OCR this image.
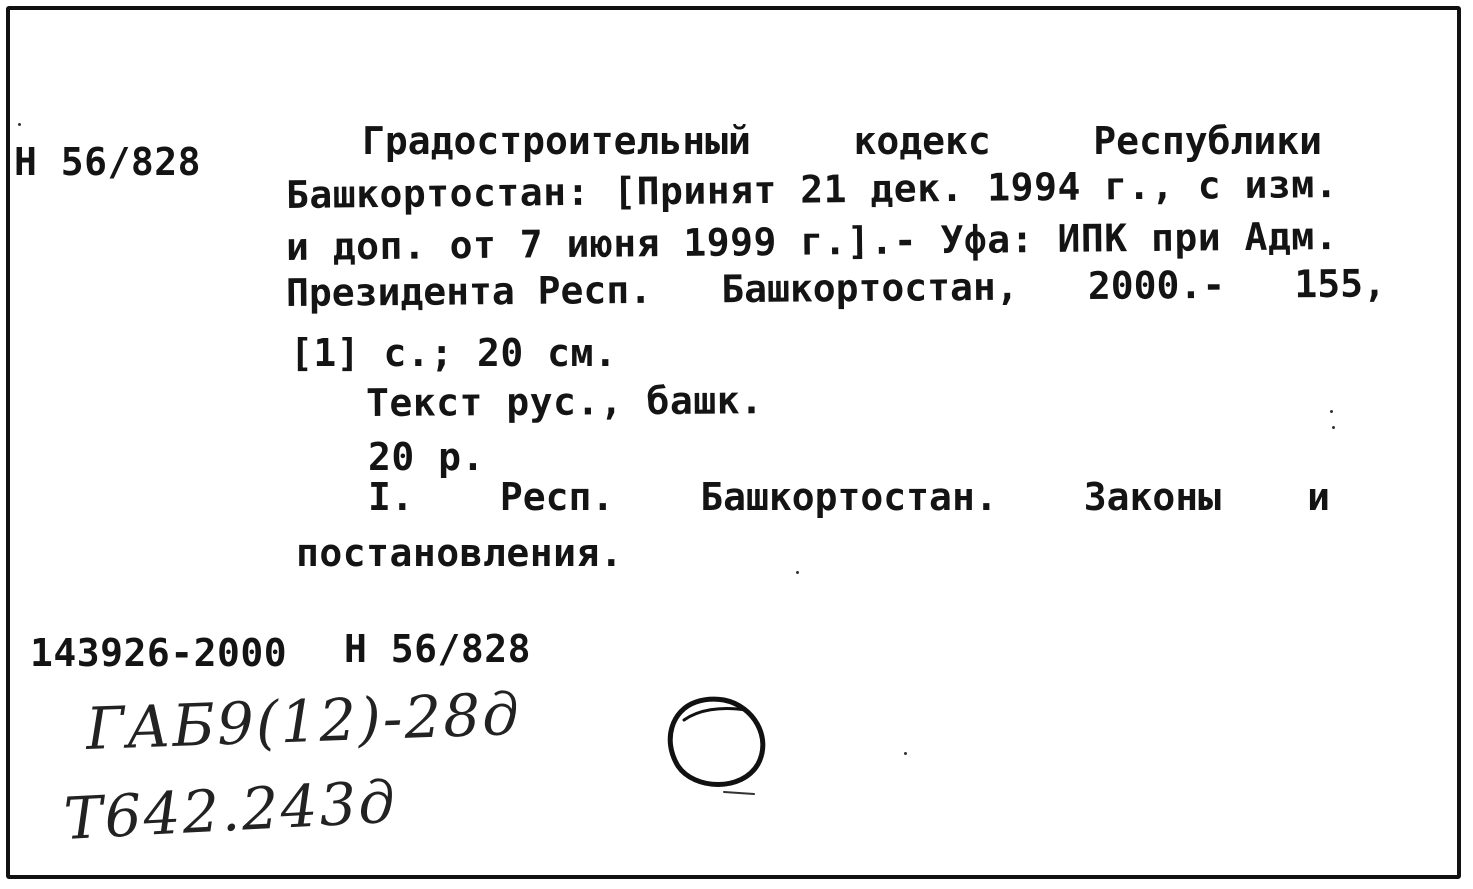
H 56/828	Градостроительный	кодекс	Республики
Башкортостан: [Принят 21 дек. 1994 г., с изм.
и доп. от 7 июня 1999 г.].- Уфа: ИПК при Адм.
Президента Респ. Башкортостан, 2000.- 155,
[1] с.; 20 см.
Текст рус., башк.
20 р.
I. Респ. Башкортостан. Законы и
постановления.
143926-2000 H 56/828
ГАБ9(12)-28д
Т642.243д
